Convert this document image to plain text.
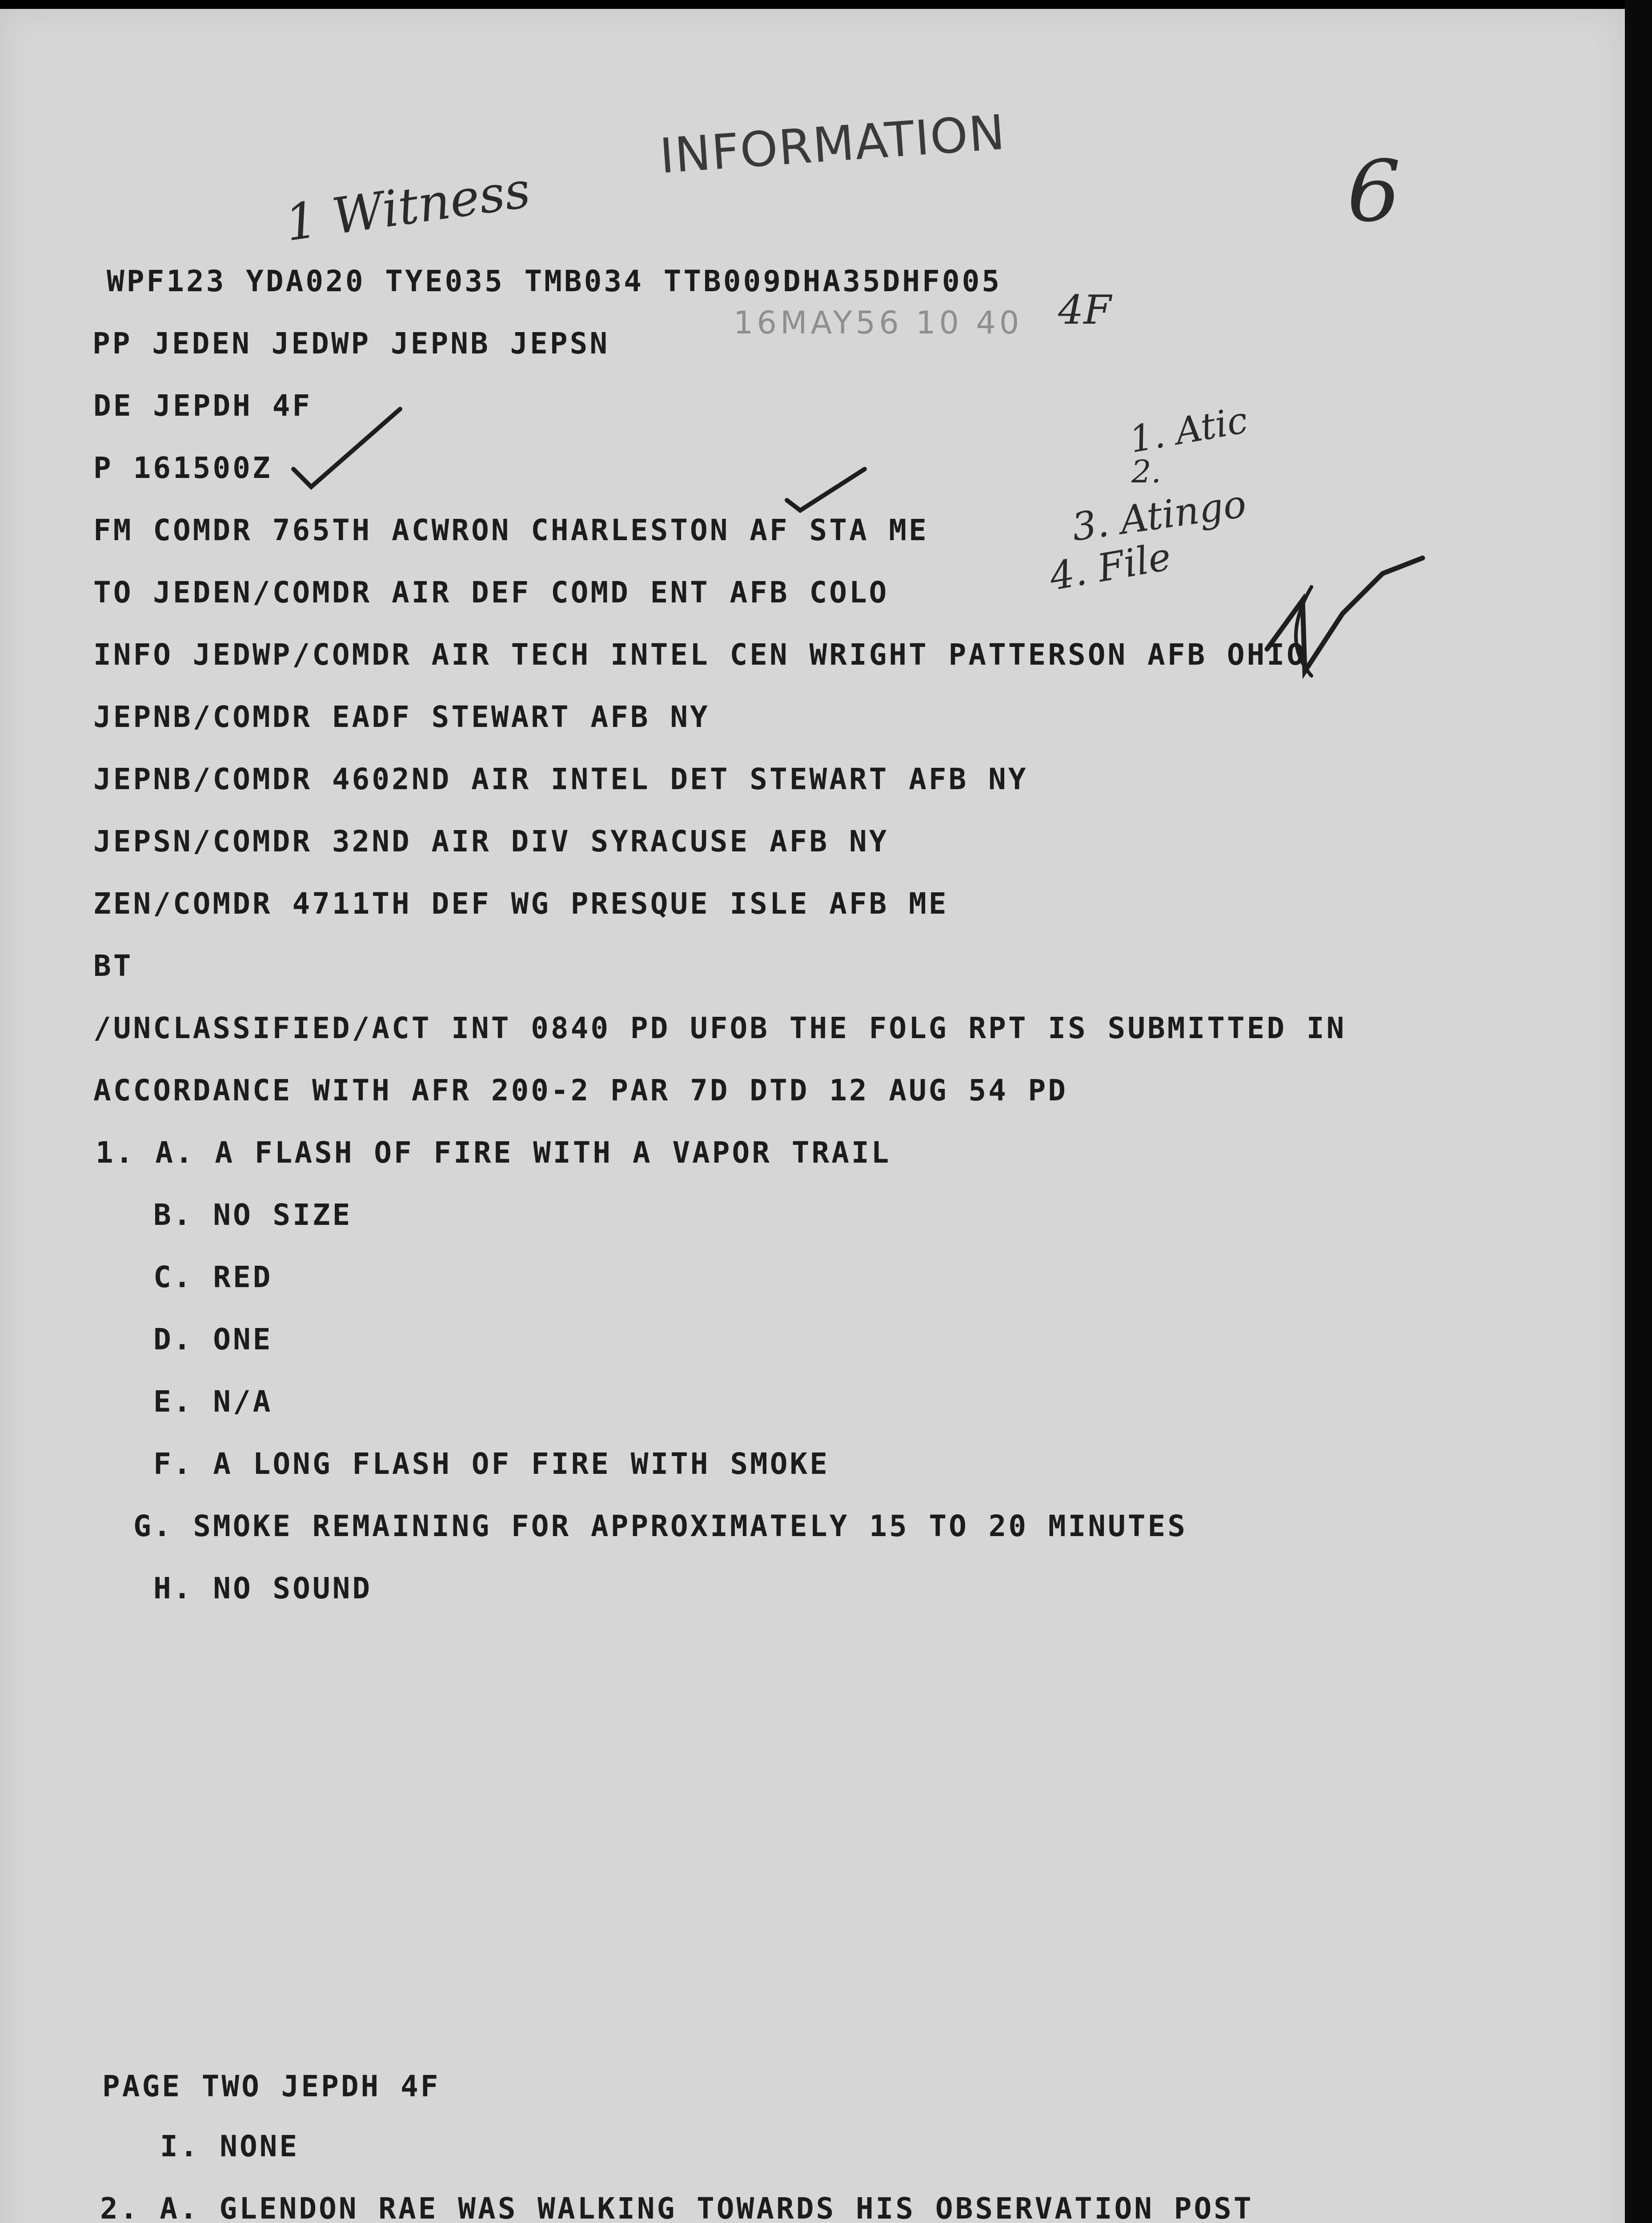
INFORMATION
1 Witness	6
16MAY56 10 40 4F
1. Atic
2.
3. Atingo
4. File
WPF123 YDA020 TYE035 TMB034 TTB009DHA35DHF005
PP JEDEN JEDWP JEPNB JEPSN
DE JEPDH 4F
P 161500Z
FM COMDR 765TH ACWRON CHARLESTON AF STA ME
TO JEDEN/COMDR AIR DEF COMD ENT AFB COLO
INFO JEDWP/COMDR AIR TECH INTEL CEN WRIGHT PATTERSON AFB OHIO
JEPNB/COMDR EADF STEWART AFB NY
JEPNB/COMDR 4602ND AIR INTEL DET STEWART AFB NY
JEPSN/COMDR 32ND AIR DIV SYRACUSE AFB NY
ZEN/COMDR 4711TH DEF WG PRESQUE ISLE AFB ME
BT
/UNCLASSIFIED/ACT INT 0840 PD UFOB THE FOLG RPT IS SUBMITTED IN
ACCORDANCE WITH AFR 200-2 PAR 7D DTD 12 AUG 54 PD
1. A. A FLASH OF FIRE WITH A VAPOR TRAIL
B. NO SIZE
C. RED
D. ONE
E. N/A
F. A LONG FLASH OF FIRE WITH SMOKE
G. SMOKE REMAINING FOR APPROXIMATELY 15 TO 20 MINUTES
H. NO SOUND
PAGE TWO JEPDH 4F
I. NONE
2. A. GLENDON RAE WAS WALKING TOWARDS HIS OBSERVATION POST
